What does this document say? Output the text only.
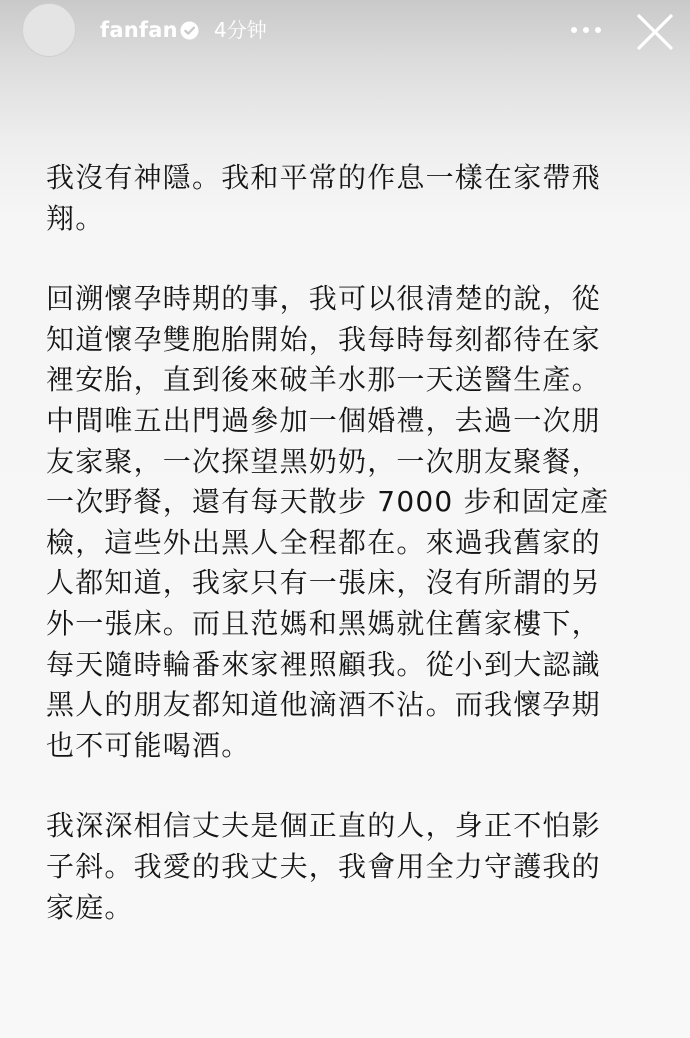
fanfan 4分钟
我沒有神隱。我和平常的作息一樣在家帶飛
翔。
回溯懷孕時期的事，我可以很清楚的說，從
知道懷孕雙胞胎開始，我每時每刻都待在家
裡安胎，直到後來破羊水那一天送醫生產。
中間唯五出門過參加一個婚禮，去過一次朋
友家聚，一次探望黑奶奶，一次朋友聚餐，
一次野餐，還有每天散步 7000 步和固定產
檢，這些外出黑人全程都在。來過我舊家的
人都知道，我家只有一張床，沒有所謂的另
外一張床。而且范媽和黑媽就住舊家樓下，
每天隨時輪番來家裡照顧我。從小到大認識
黑人的朋友都知道他滴酒不沾。而我懷孕期
也不可能喝酒。
我深深相信丈夫是個正直的人，身正不怕影
子斜。我愛的我丈夫，我會用全力守護我的
家庭。
